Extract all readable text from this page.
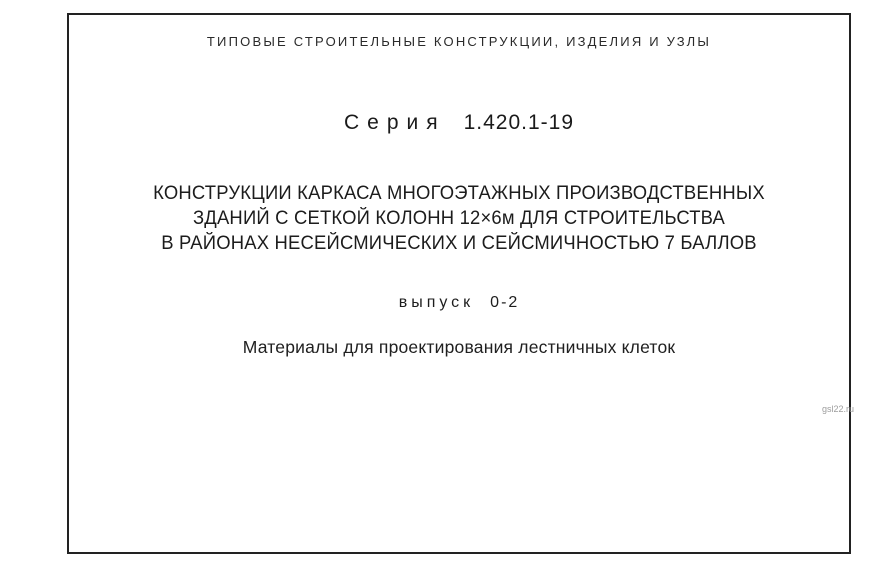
ТИПОВЫЕ СТРОИТЕЛЬНЫЕ КОНСТРУКЦИИ, ИЗДЕЛИЯ И УЗЛЫ
Серия 1.420.1-19
КОНСТРУКЦИИ КАРКАСА МНОГОЭТАЖНЫХ ПРОИЗВОДСТВЕННЫХ
ЗДАНИЙ С СЕТКОЙ КОЛОНН 12×6м ДЛЯ СТРОИТЕЛЬСТВА
В РАЙОНАХ НЕСЕЙСМИЧЕСКИХ И СЕЙСМИЧНОСТЬЮ 7 БАЛЛОВ
выпуск 0-2
Материалы для проектирования лестничных клеток
gsl22.ru
